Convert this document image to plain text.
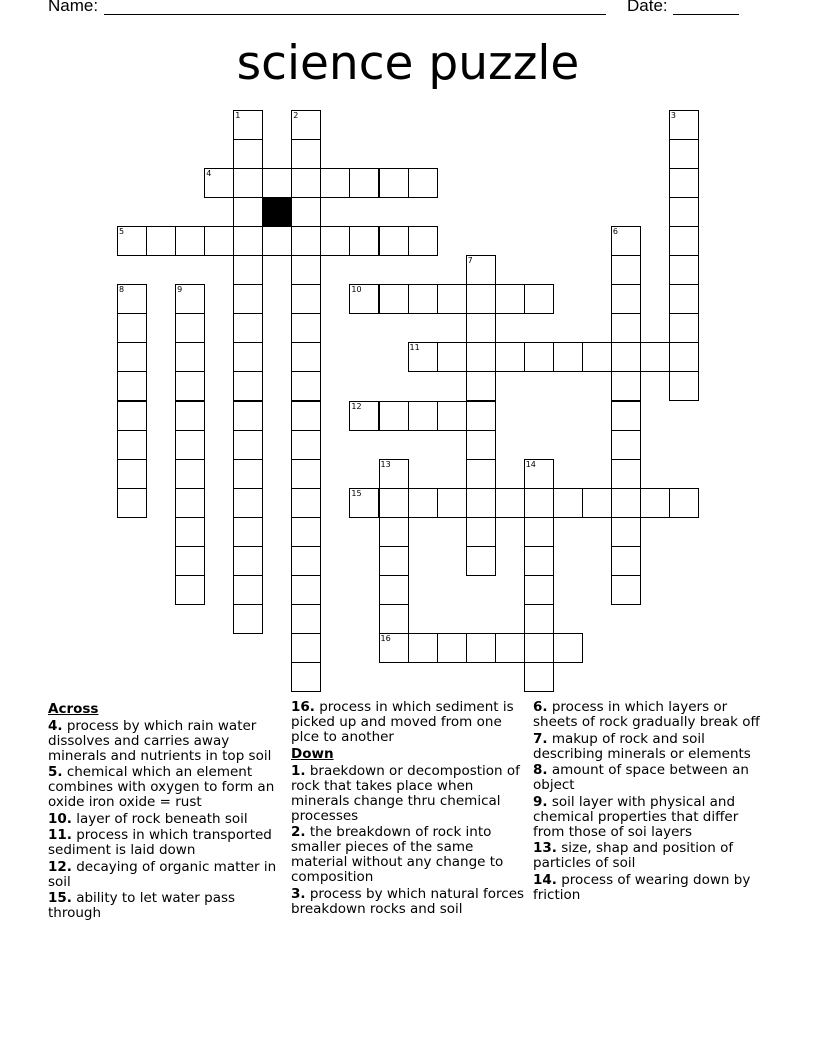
Name:	Date:
science puzzle
1	2	3
4
5	6
7
8	9	10
11
12
13
16
14
15
Across
4. process by which rain water dissolves and carries away minerals and nutrients in top soil
5. chemical which an element combines with oxygen to form an oxide iron oxide = rust
10. layer of rock beneath soil
11. process in which transported sediment is laid down
12. decaying of organic matter in soil
15. ability to let water pass through
16. process in which sediment is picked up and moved from one plce to another
Down
1. braekdown or decompostion of rock that takes place when minerals change thru chemical processes
2. the breakdown of rock into smaller pieces of the same material without any change to composition
3. process by which natural forces breakdown rocks and soil
6. process in which layers or sheets of rock gradually break off
7. makup of rock and soil describing minerals or elements
8. amount of space between an object
9. soil layer with physical and chemical properties that differ from those of soi layers
13. size, shap and position of particles of soil
14. process of wearing down by friction
